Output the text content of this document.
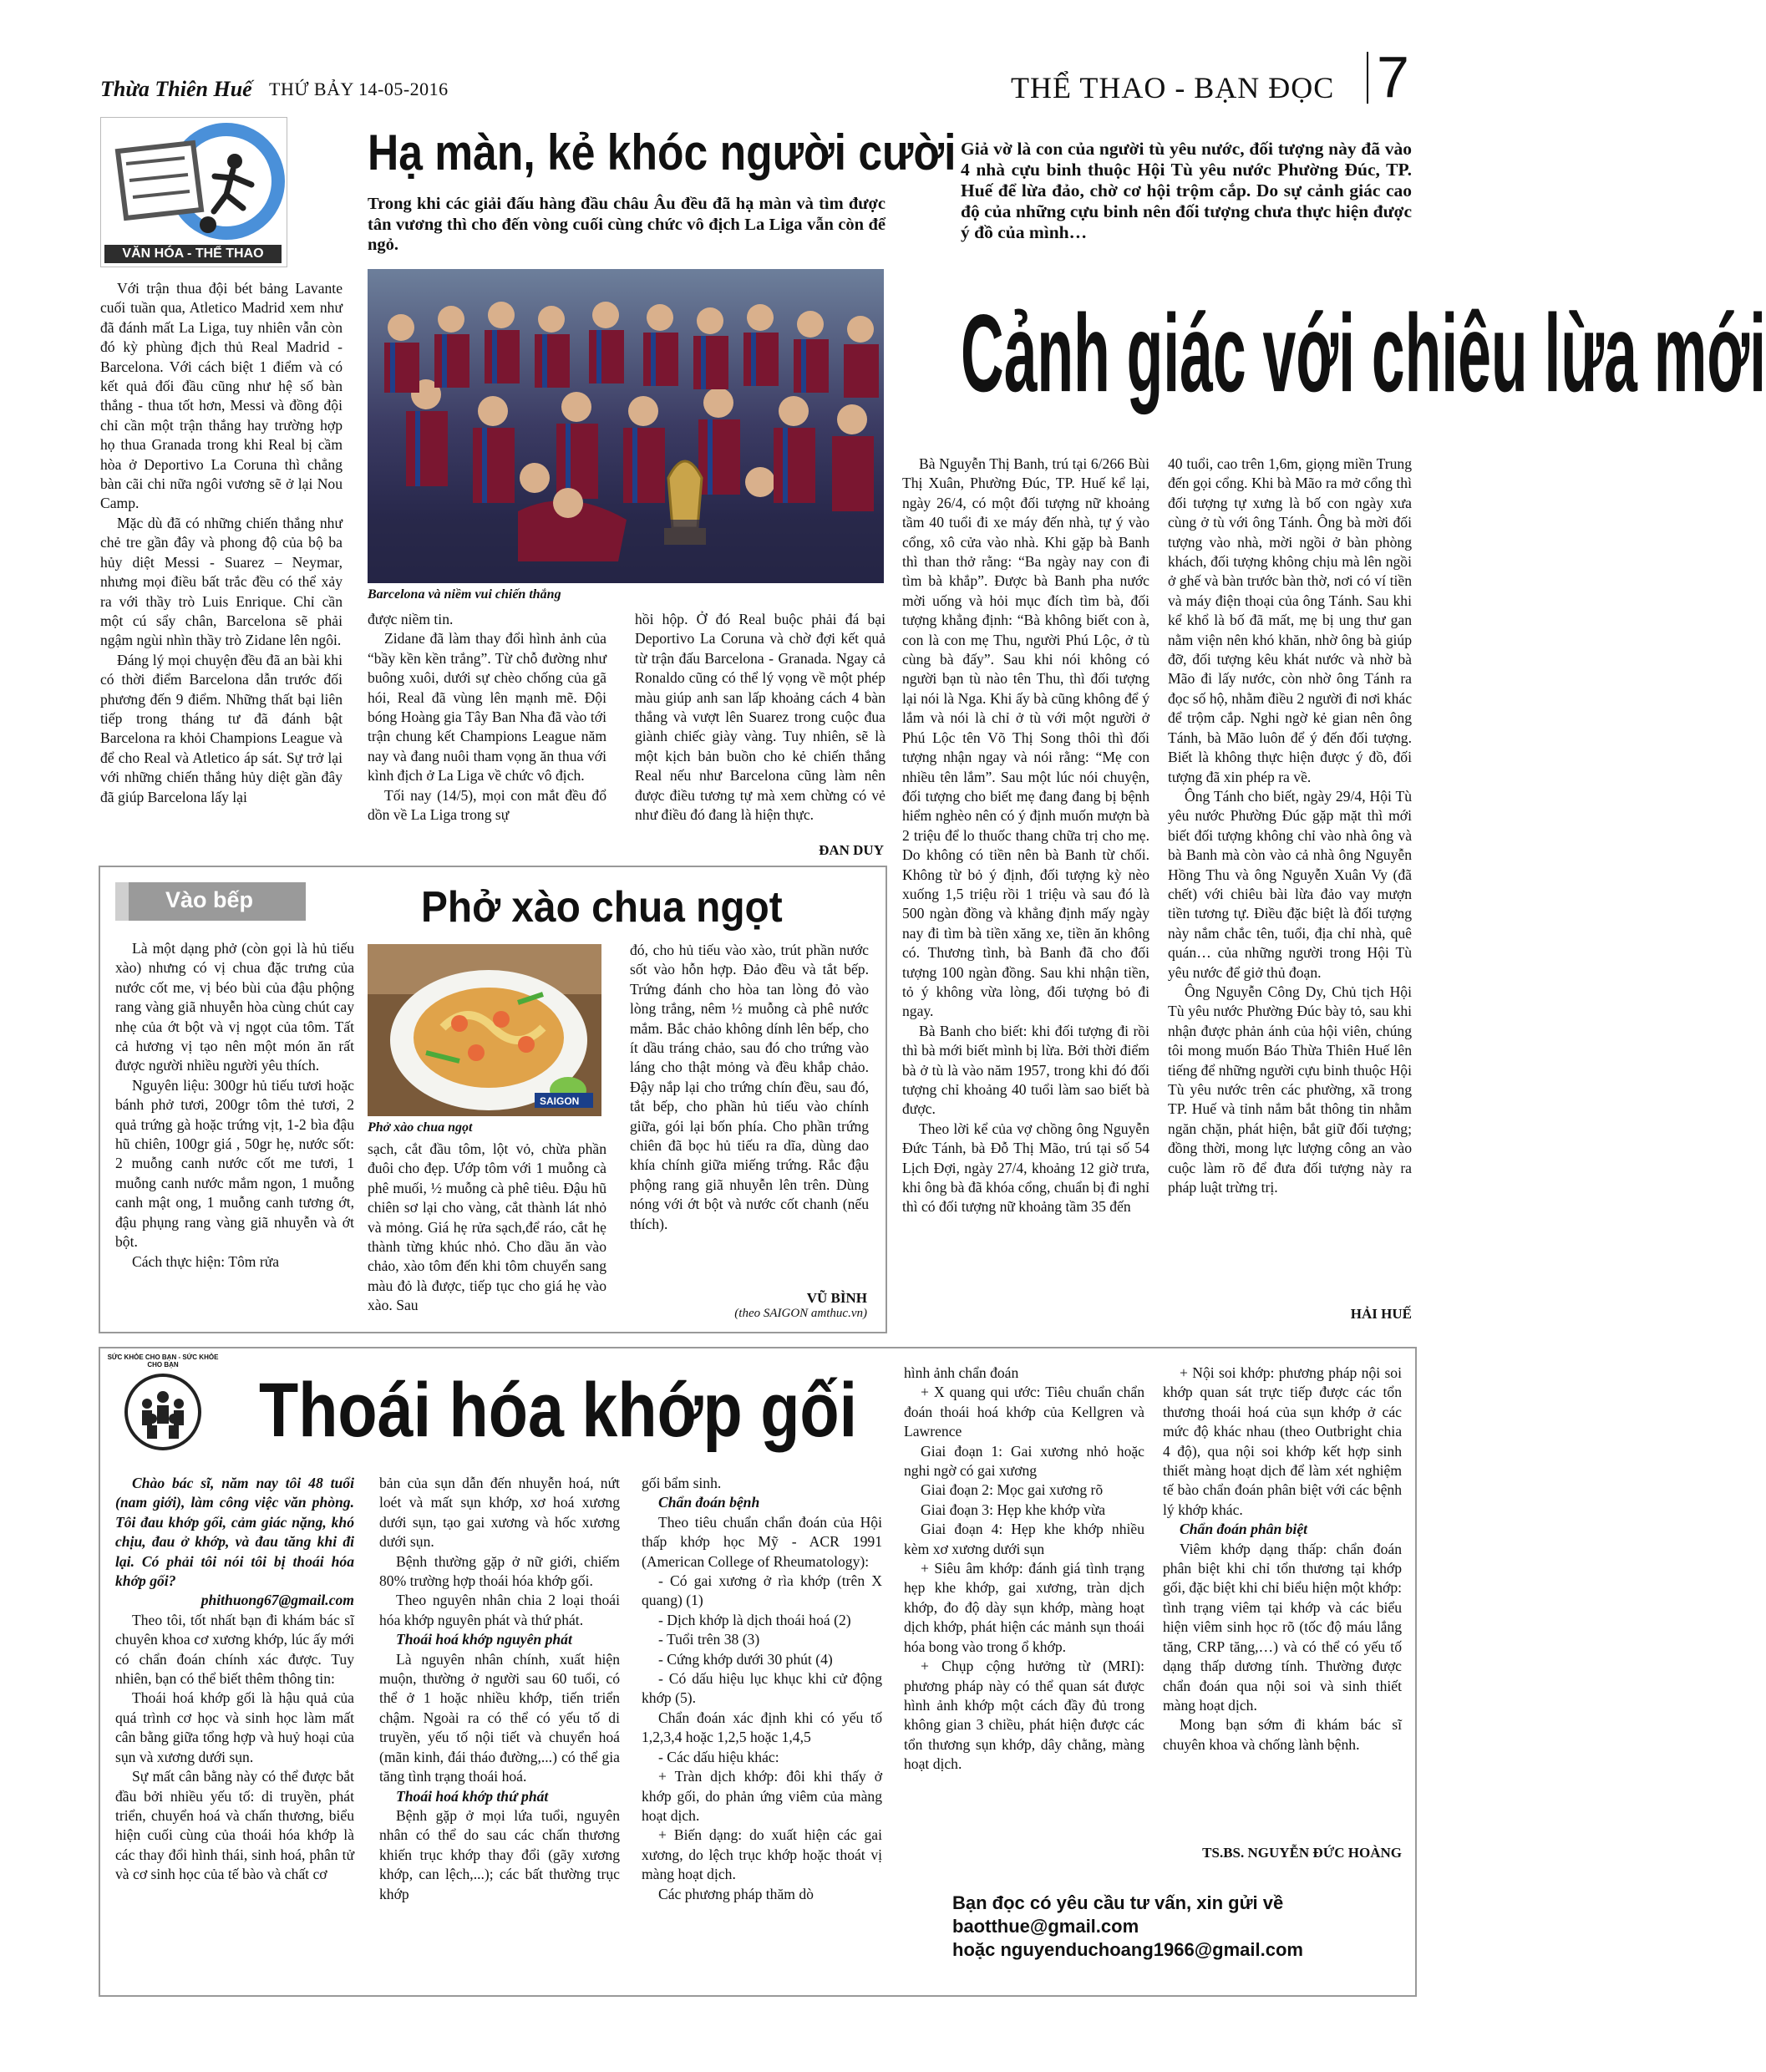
Thừa Thiên Huế THỨ BẢY 14-05-2016	THỂ THAO - BẠN ĐỌC 7
VĂN HÓA - THỂ THAO
Hạ màn, kẻ khóc người cười
Trong khi các giải đấu hàng đầu châu Âu đều đã hạ màn và tìm được tân vương thì cho đến vòng cuối cùng chức vô địch La Liga vẫn còn để ngỏ.
Barcelona và niềm vui chiến thắng

Với trận thua đội bét bảng Lavante cuối tuần qua, Atletico Madrid xem như đã đánh mất La Liga, tuy nhiên vẫn còn đó kỳ phùng địch thủ Real Madrid - Barcelona. Với cách biệt 1 điểm và có kết quả đối đầu cũng như hệ số bàn thắng - thua tốt hơn, Messi và đồng đội chỉ cần một trận thắng hay trường hợp họ thua Granada trong khi Real bị cầm hòa ở Deportivo La Coruna thì chẳng bàn cãi chi nữa ngôi vương sẽ ở lại Nou Camp.

Mặc dù đã có những chiến thắng như chẻ tre gần đây và phong độ của bộ ba hủy diệt Messi - Suarez – Neymar, nhưng mọi điều bất trắc đều có thể xảy ra với thầy trò Luis Enrique. Chỉ cần một cú sẩy chân, Barcelona sẽ phải ngậm ngùi nhìn thầy trò Zidane lên ngôi.

Đáng lý mọi chuyện đều đã an bài khi có thời điểm Barcelona dẫn trước đối phương đến 9 điểm. Những thất bại liên tiếp trong tháng tư đã đánh bật Barcelona ra khỏi Champions League và để cho Real và Atletico áp sát. Sự trở lại với những chiến thắng hủy diệt gần đây đã giúp Barcelona lấy lại

được niềm tin.

Zidane đã làm thay đổi hình ảnh của “bầy kền kền trắng”. Từ chỗ đường như buông xuôi, dưới sự chèo chống của gã hói, Real đã vùng lên mạnh mẽ. Đội bóng Hoàng gia Tây Ban Nha đã vào tới trận chung kết Champions League năm nay và đang nuôi tham vọng ăn thua với kình địch ở La Liga về chức vô địch.

Tối nay (14/5), mọi con mắt đều đổ dồn về La Liga trong sự

hồi hộp. Ở đó Real buộc phải đá bại Deportivo La Coruna và chờ đợi kết quả từ trận đấu Barcelona - Granada. Ngay cả Ronaldo cũng có thể lý vọng về một phép màu giúp anh san lấp khoảng cách 4 bàn thắng và vượt lên Suarez trong cuộc đua giành chiếc giày vàng. Tuy nhiên, sẽ là một kịch bản buồn cho kẻ chiến thắng Real nếu như Barcelona cũng làm nên được điều tương tự mà xem chừng có vẻ như điều đó đang là hiện thực.

ĐAN DUY
Giả vờ là con của người tù yêu nước, đối tượng này đã vào 4 nhà cựu binh thuộc Hội Tù yêu nước Phường Đúc, TP. Huế để lừa đảo, chờ cơ hội trộm cắp. Do sự cảnh giác cao độ của những cựu binh nên đối tượng chưa thực hiện được ý đồ của mình…
Cảnh giác với chiêu lừa mới

Bà Nguyễn Thị Banh, trú tại 6/266 Bùi Thị Xuân, Phường Đúc, TP. Huế kể lại, ngày 26/4, có một đối tượng nữ khoảng tầm 40 tuổi đi xe máy đến nhà, tự ý vào cổng, xô cửa vào nhà. Khi gặp bà Banh thì than thở rằng: “Ba ngày nay con đi tìm bà khắp”. Được bà Banh pha nước mời uống và hỏi mục đích tìm bà, đối tượng khẳng định: “Bà không biết con à, con là con mẹ Thu, người Phú Lộc, ở tù cùng bà đấy”. Sau khi nói không có người bạn tù nào tên Thu, thì đối tượng lại nói là Nga. Khi ấy bà cũng không để ý lắm và nói là chỉ ở tù với một người ở Phú Lộc tên Võ Thị Song thôi thì đối tượng nhận ngay và nói rằng: “Mẹ con nhiều tên lắm”. Sau một lúc nói chuyện, đối tượng cho biết mẹ đang đang bị bệnh hiểm nghèo nên có ý định muốn mượn bà 2 triệu để lo thuốc thang chữa trị cho mẹ. Do không có tiền nên bà Banh từ chối. Không từ bỏ ý định, đối tượng kỳ nèo xuống 1,5 triệu rồi 1 triệu và sau đó là 500 ngàn đồng và khẳng định mấy ngày nay đi tìm bà tiền xăng xe, tiền ăn không có. Thương tình, bà Banh đã cho đối tượng 100 ngàn đồng. Sau khi nhận tiền, tỏ ý không vừa lòng, đối tượng bỏ đi ngay.

Bà Banh cho biết: khi đối tượng đi rồi thì bà mới biết mình bị lừa. Bởi thời điểm bà ở tù là vào năm 1957, trong khi đó đối tượng chỉ khoảng 40 tuổi làm sao biết bà được.

Theo lời kể của vợ chồng ông Nguyễn Đức Tánh, bà Đỗ Thị Mão, trú tại số 54 Lịch Đợi, ngày 27/4, khoảng 12 giờ trưa, khi ông bà đã khóa cổng, chuẩn bị đi nghỉ thì có đối tượng nữ khoảng tầm 35 đến

40 tuổi, cao trên 1,6m, giọng miền Trung đến gọi cổng. Khi bà Mão ra mở cổng thì đối tượng tự xưng là bố con ngày xưa cùng ở tù với ông Tánh. Ông bà mời đối tượng vào nhà, mời ngồi ở bàn phòng khách, đối tượng không chịu mà lên ngồi ở ghế và bàn trước bàn thờ, nơi có ví tiền và máy điện thoại của ông Tánh. Sau khi kể khổ là bố đã mất, mẹ bị ung thư gan nằm viện nên khó khăn, nhờ ông bà giúp đỡ, đối tượng kêu khát nước và nhờ bà Mão đi lấy nước, còn nhờ ông Tánh ra đọc số hộ, nhằm điều 2 người đi nơi khác để trộm cắp. Nghi ngờ kẻ gian nên ông Tánh, bà Mão luôn để ý đến đối tượng. Biết là không thực hiện được ý đồ, đối tượng đã xin phép ra về.

Ông Tánh cho biết, ngày 29/4, Hội Tù yêu nước Phường Đúc gặp mặt thì mới biết đối tượng không chỉ vào nhà ông và bà Banh mà còn vào cả nhà ông Nguyễn Hồng Thu và ông Nguyễn Xuân Vy (đã chết) với chiêu bài lừa đảo vay mượn tiền tương tự. Điều đặc biệt là đối tượng này nắm chắc tên, tuổi, địa chỉ nhà, quê quán… của những người trong Hội Tù yêu nước để giở thủ đoạn.

Ông Nguyễn Công Dy, Chủ tịch Hội Tù yêu nước Phường Đúc bày tỏ, sau khi nhận được phản ánh của hội viên, chúng tôi mong muốn Báo Thừa Thiên Huế lên tiếng để những người cựu binh thuộc Hội Tù yêu nước trên các phường, xã trong TP. Huế và tỉnh nắm bắt thông tin nhằm ngăn chặn, phát hiện, bắt giữ đối tượng; đồng thời, mong lực lượng công an vào cuộc làm rõ để đưa đối tượng này ra pháp luật trừng trị.

HẢI HUẾ
Vào bếp	Phở xào chua ngọt
SAIGON
Phở xào chua ngọt

Là một dạng phở (còn gọi là hủ tiếu xào) nhưng có vị chua đặc trưng của nước cốt me, vị béo bùi của đậu phộng rang vàng giã nhuyễn hòa cùng chút cay nhẹ của ớt bột và vị ngọt của tôm. Tất cả hương vị tạo nên một món ăn rất được người nhiều người yêu thích.

Nguyên liệu: 300gr hủ tiếu tươi hoặc bánh phở tươi, 200gr tôm thẻ tươi, 2 quả trứng gà hoặc trứng vịt, 1-2 bìa đậu hũ chiên, 100gr giá , 50gr hẹ, nước sốt: 2 muỗng canh nước cốt me tươi, 1 muỗng canh nước mắm ngon, 1 muỗng canh mật ong, 1 muỗng canh tương ớt, đậu phụng rang vàng giã nhuyễn và ớt bột.

Cách thực hiện: Tôm rửa

sạch, cắt đầu tôm, lột vỏ, chừa phần đuôi cho đẹp. Ướp tôm với 1 muỗng cà phê muối, ½ muỗng cà phê tiêu. Đậu hũ chiên sơ lại cho vàng, cắt thành lát nhỏ và mỏng. Giá hẹ rửa sạch,để ráo, cắt hẹ thành từng khúc nhỏ. Cho dầu ăn vào chảo, xào tôm đến khi tôm chuyển sang màu đỏ là được, tiếp tục cho giá hẹ vào xào. Sau

đó, cho hủ tiếu vào xào, trút phần nước sốt vào hỗn hợp. Đảo đều và tắt bếp. Trứng đánh cho hòa tan lòng đỏ vào lòng trắng, nêm ½ muỗng cà phê nước mắm. Bắc chảo không dính lên bếp, cho ít dầu tráng chảo, sau đó cho trứng vào láng cho thật mỏng và đều khắp chảo. Đậy nắp lại cho trứng chín đều, sau đó, tắt bếp, cho phần hủ tiếu vào chính giữa, gói lại bốn phía. Cho phần trứng chiên đã bọc hủ tiếu ra dĩa, dùng dao khía chính giữa miếng trứng. Rắc đậu phộng rang giã nhuyễn lên trên. Dùng nóng với ớt bột và nước cốt chanh (nếu thích).

VŨ BÌNH
(theo SAIGON amthuc.vn)
SỨC KHỎE CHO BẠN - SỨC KHỎE CHO BẠN
Thoái hóa khớp gối

Chào bác sĩ, năm nay tôi 48 tuổi (nam giới), làm công việc văn phòng. Tôi đau khớp gối, cảm giác nặng, khó chịu, đau ở khớp, và đau tăng khi đi lại. Có phải tôi nói tôi bị thoái hóa khớp gối?

phithuong67@gmail.com

Theo tôi, tốt nhất bạn đi khám bác sĩ chuyên khoa cơ xương khớp, lúc ấy mới có chẩn đoán chính xác được. Tuy nhiên, bạn có thể biết thêm thông tin:

Thoái hoá khớp gối là hậu quả của quá trình cơ học và sinh học làm mất cân bằng giữa tổng hợp và huỷ hoại của sụn và xương dưới sụn.

Sự mất cân bằng này có thể được bắt đầu bởi nhiều yếu tố: di truyền, phát triển, chuyển hoá và chấn thương, biểu hiện cuối cùng của thoái hóa khớp là các thay đổi hình thái, sinh hoá, phân tử và cơ sinh học của tế bào và chất cơ

bản của sụn dẫn đến nhuyễn hoá, nứt loét và mất sụn khớp, xơ hoá xương dưới sụn, tạo gai xương và hốc xương dưới sụn.

Bệnh thường gặp ở nữ giới, chiếm 80% trường hợp thoái hóa khớp gối.

Theo nguyên nhân chia 2 loại thoái hóa khớp nguyên phát và thứ phát.

Thoái hoá khớp nguyên phát

Là nguyên nhân chính, xuất hiện muộn, thường ở người sau 60 tuổi, có thể ở 1 hoặc nhiều khớp, tiến triển chậm. Ngoài ra có thể có yếu tố di truyền, yếu tố nội tiết và chuyển hoá (mãn kinh, đái tháo đường,...) có thể gia tăng tình trạng thoái hoá.

Thoái hoá khớp thứ phát

Bệnh gặp ở mọi lứa tuổi, nguyên nhân có thể do sau các chấn thương khiến trục khớp thay đổi (gãy xương khớp, can lệch,...); các bất thường trục khớp

gối bẩm sinh.

Chẩn đoán bệnh

Theo tiêu chuẩn chẩn đoán của Hội thấp khớp học Mỹ - ACR 1991 (American College of Rheumatology):

- Có gai xương ở rìa khớp (trên X quang) (1)

- Dịch khớp là dịch thoái hoá (2)

- Tuổi trên 38 (3)

- Cứng khớp dưới 30 phút (4)

- Có dấu hiệu lục khục khi cử động khớp (5).

Chẩn đoán xác định khi có yếu tố 1,2,3,4 hoặc 1,2,5 hoặc 1,4,5

- Các dấu hiệu khác:

+ Tràn dịch khớp: đôi khi thấy ở khớp gối, do phản ứng viêm của màng hoạt dịch.

+ Biến dạng: do xuất hiện các gai xương, do lệch trục khớp hoặc thoát vị màng hoạt dịch.

Các phương pháp thăm dò

hình ảnh chẩn đoán

+ X quang qui ước: Tiêu chuẩn chẩn đoán thoái hoá khớp của Kellgren và Lawrence

Giai đoạn 1: Gai xương nhỏ hoặc nghi ngờ có gai xương

Giai đoạn 2: Mọc gai xương rõ

Giai đoạn 3: Hẹp khe khớp vừa

Giai đoạn 4: Hẹp khe khớp nhiều kèm xơ xương dưới sụn

+ Siêu âm khớp: đánh giá tình trạng hẹp khe khớp, gai xương, tràn dịch khớp, đo độ dày sụn khớp, màng hoạt dịch khớp, phát hiện các mảnh sụn thoái hóa bong vào trong ổ khớp.

+ Chụp cộng hưởng từ (MRI): phương pháp này có thể quan sát được hình ảnh khớp một cách đầy đủ trong không gian 3 chiều, phát hiện được các tổn thương sụn khớp, dây chằng, màng hoạt dịch.

+ Nội soi khớp: phương pháp nội soi khớp quan sát trực tiếp được các tổn thương thoái hoá của sụn khớp ở các mức độ khác nhau (theo Outbright chia 4 độ), qua nội soi khớp kết hợp sinh thiết màng hoạt dịch để làm xét nghiệm tế bào chẩn đoán phân biệt với các bệnh lý khớp khác.

Chẩn đoán phân biệt

Viêm khớp dạng thấp: chẩn đoán phân biệt khi chỉ tổn thương tại khớp gối, đặc biệt khi chỉ biểu hiện một khớp: tình trạng viêm tại khớp và các biểu hiện viêm sinh học rõ (tốc độ máu lắng tăng, CRP tăng,…) và có thể có yếu tố dạng thấp dương tính. Thường được chẩn đoán qua nội soi và sinh thiết màng hoạt dịch.

Mong bạn sớm đi khám bác sĩ chuyên khoa và chống lành bệnh.

TS.BS. NGUYỄN ĐỨC HOÀNG
Bạn đọc có yêu cầu tư vấn, xin gửi về
baotthue@gmail.com
hoặc nguyenduchoang1966@gmail.com
